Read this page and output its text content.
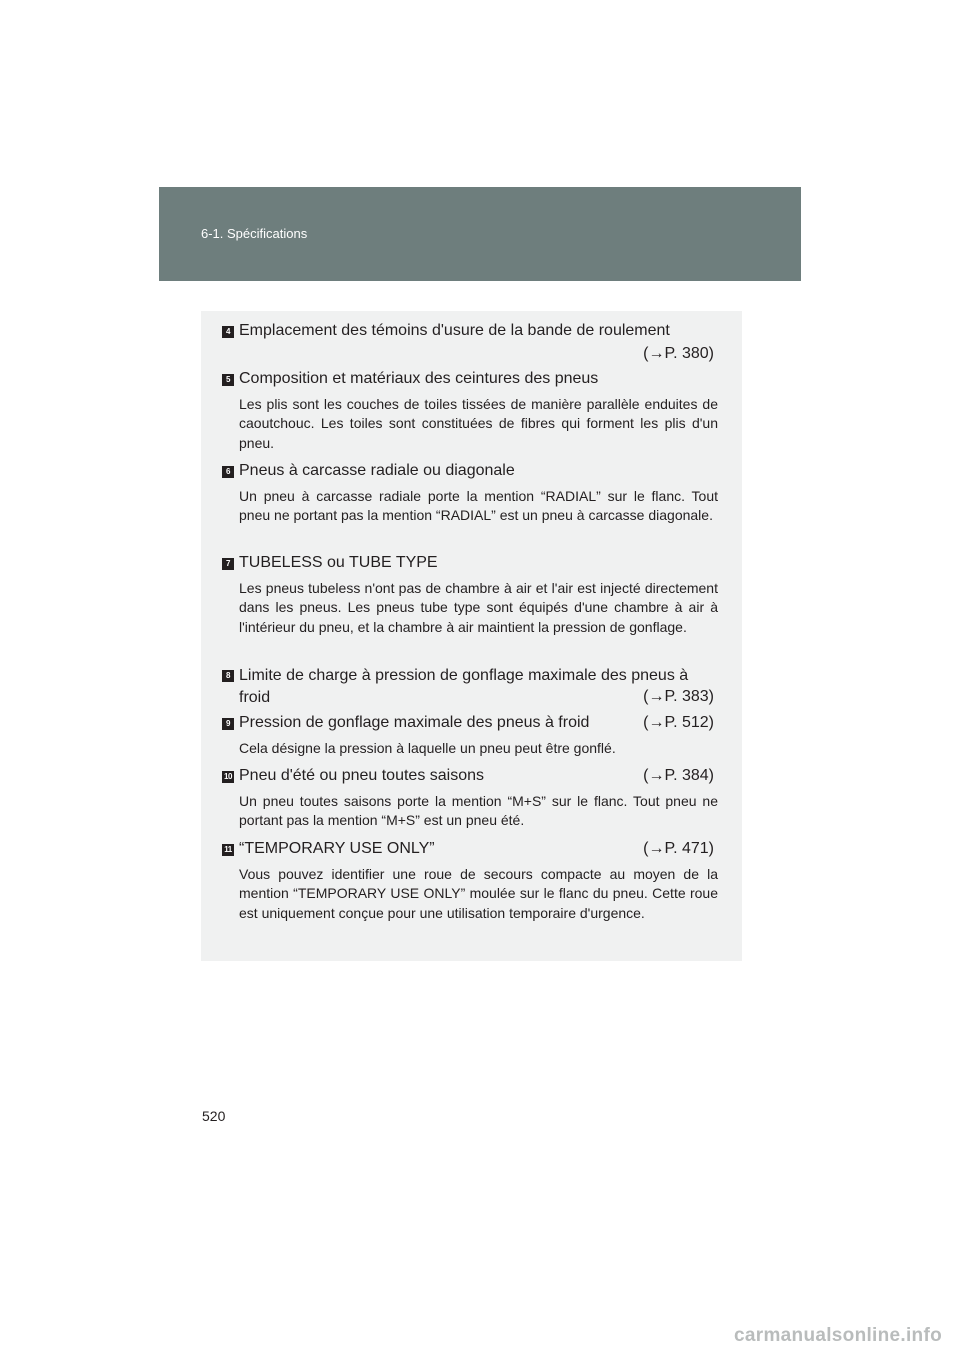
6-1. Spécifications
4 Emplacement des témoins d'usure de la bande de roulement
(→P. 380)
5 Composition et matériaux des ceintures des pneus
Les plis sont les couches de toiles tissées de manière parallèle enduites de caoutchouc. Les toiles sont constituées de fibres qui forment les plis d'un pneu.
6 Pneus à carcasse radiale ou diagonale
Un pneu à carcasse radiale porte la mention “RADIAL” sur le flanc. Tout pneu ne portant pas la mention “RADIAL” est un pneu à carcasse diagonale.
7 TUBELESS ou TUBE TYPE
Les pneus tubeless n'ont pas de chambre à air et l'air est injecté directement dans les pneus. Les pneus tube type sont équipés d'une chambre à air à l'intérieur du pneu, et la chambre à air maintient la pression de gonflage.
8 Limite de charge à pression de gonflage maximale des pneus à froid	(→P. 383)
9 Pression de gonflage maximale des pneus à froid	(→P. 512)
Cela désigne la pression à laquelle un pneu peut être gonflé.
10 Pneu d'été ou pneu toutes saisons	(→P. 384)
Un pneu toutes saisons porte la mention “M+S” sur le flanc. Tout pneu ne portant pas la mention “M+S” est un pneu été.
11 “TEMPORARY USE ONLY”	(→P. 471)
Vous pouvez identifier une roue de secours compacte au moyen de la mention “TEMPORARY USE ONLY” moulée sur le flanc du pneu. Cette roue est uniquement conçue pour une utilisation temporaire d'urgence.
520
carmanualsonline.info
